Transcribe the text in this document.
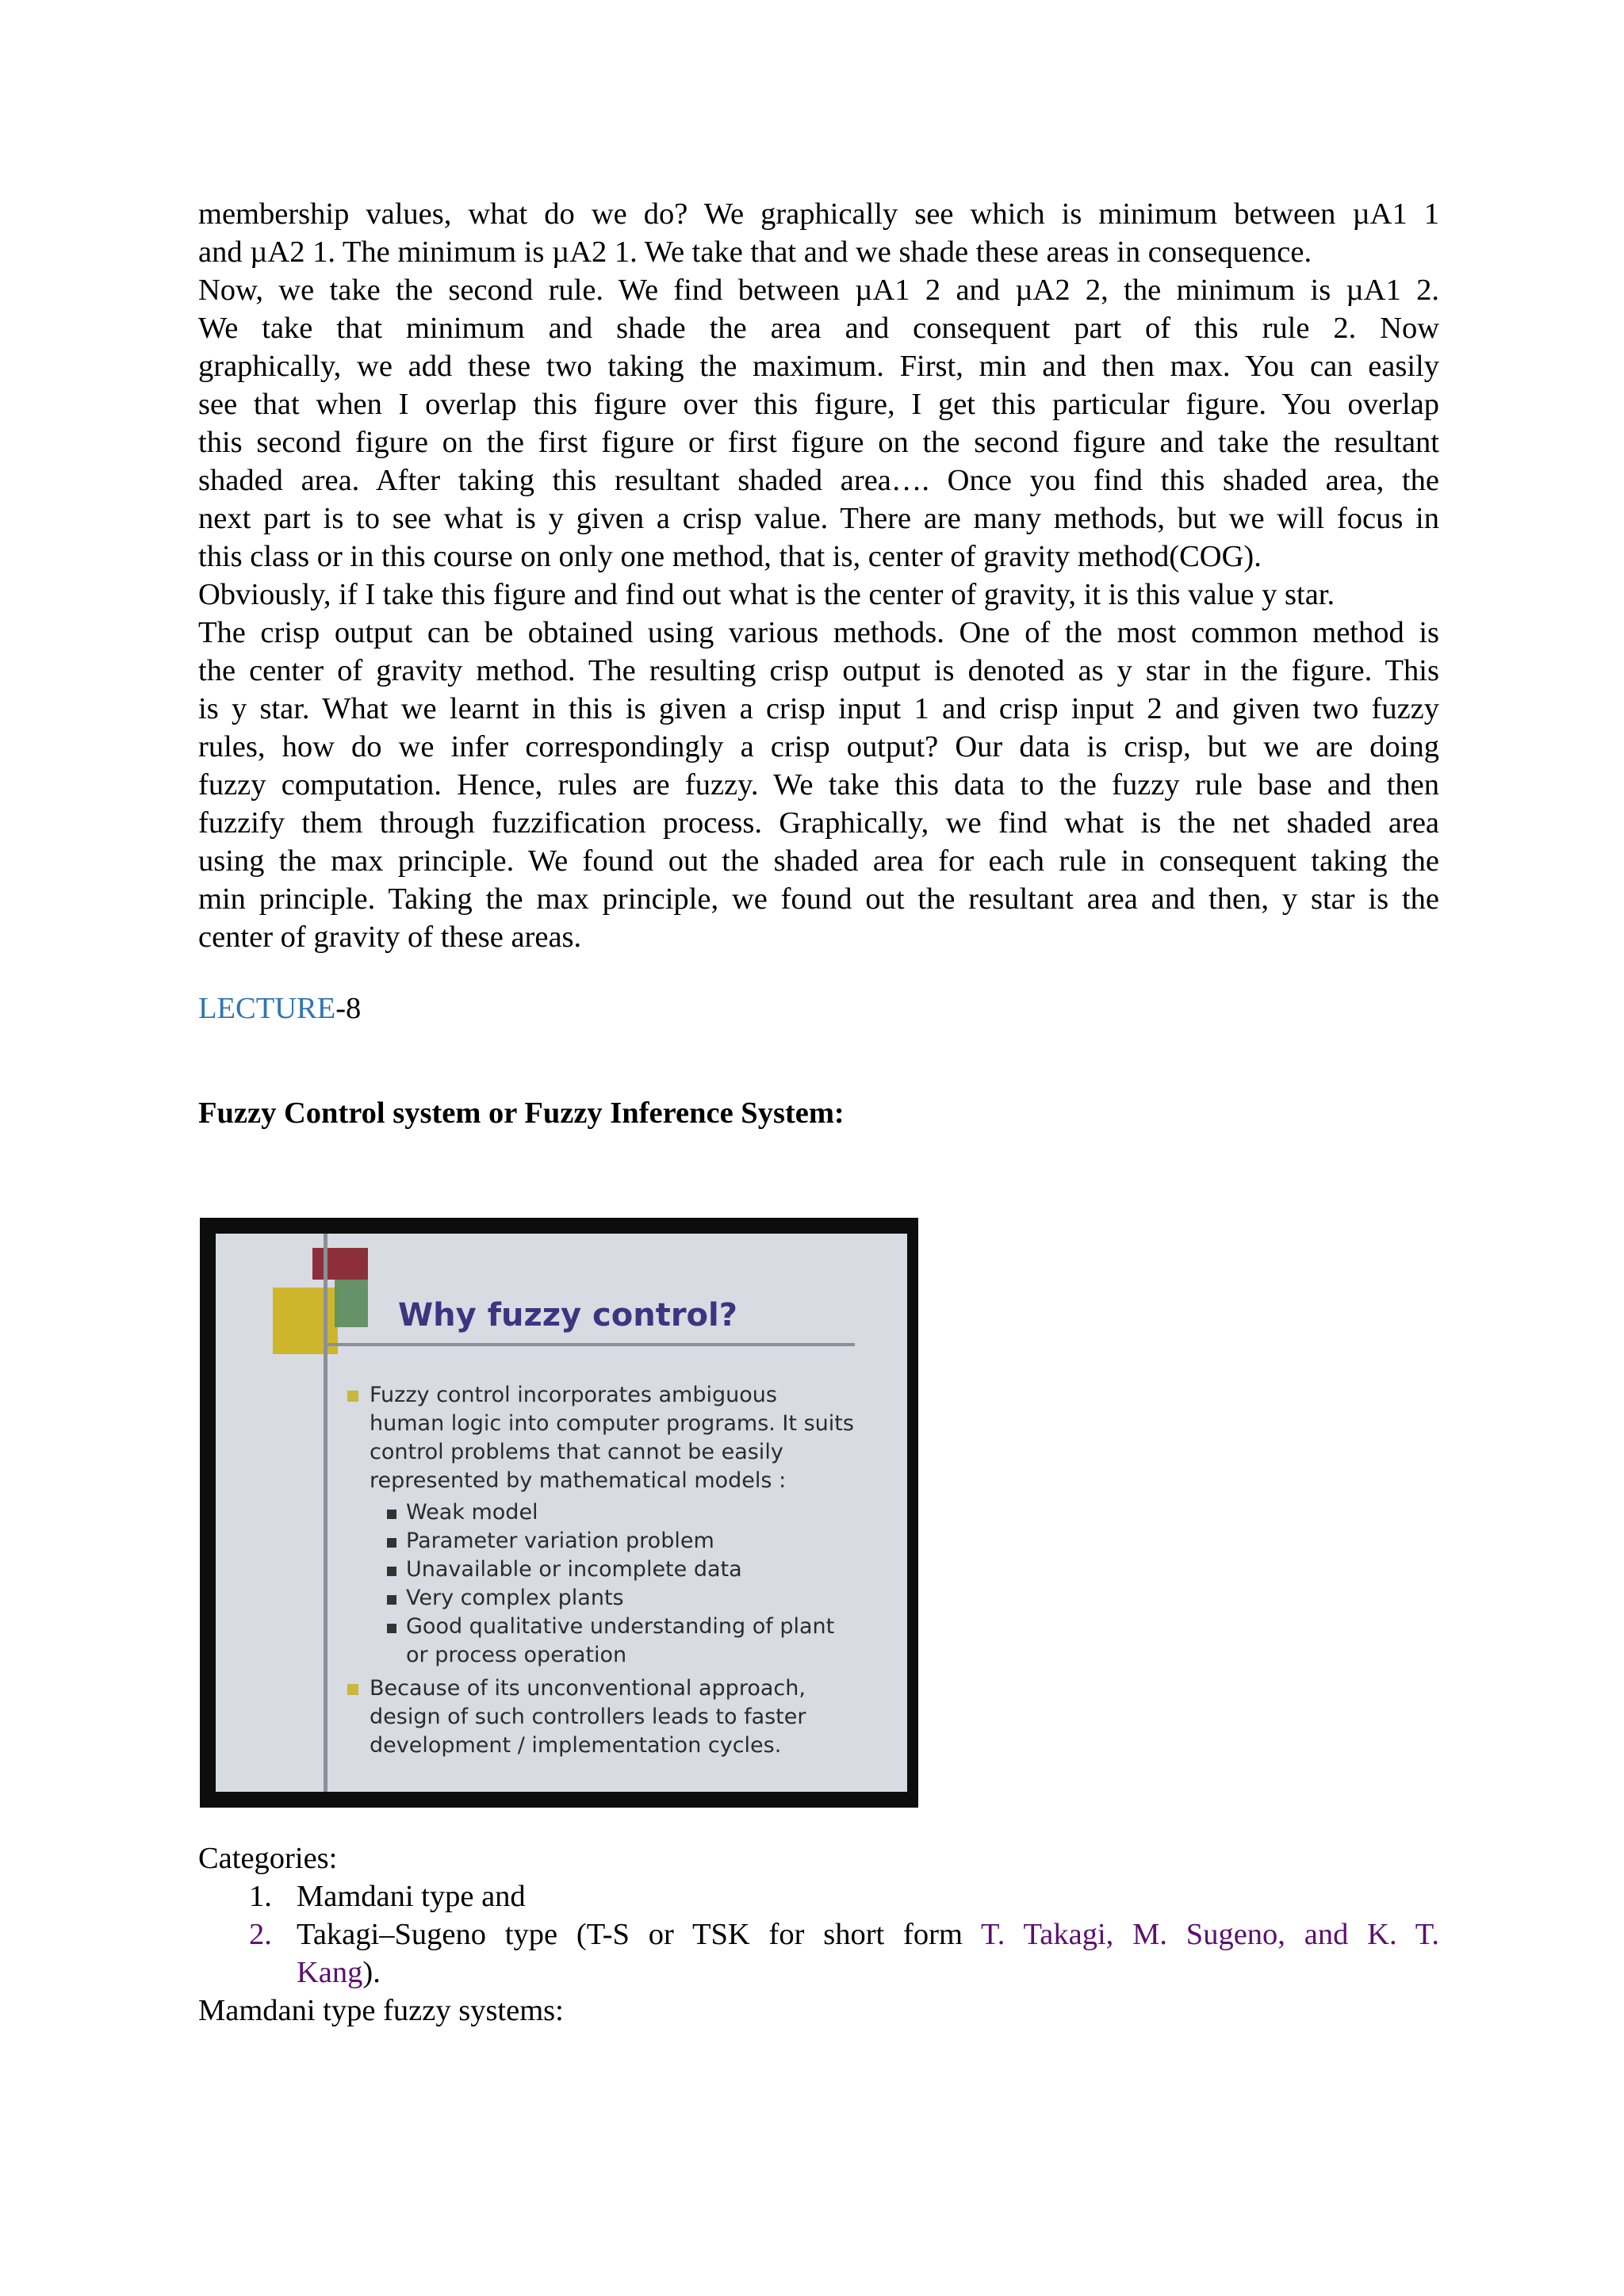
membership values, what do we do? We graphically see which is minimum between µA1 1
and µA2 1. The minimum is µA2 1. We take that and we shade these areas in consequence.
Now, we take the second rule. We find between µA1 2 and µA2 2, the minimum is µA1 2.
We take that minimum and shade the area and consequent part of this rule 2. Now
graphically, we add these two taking the maximum. First, min and then max. You can easily
see that when I overlap this figure over this figure, I get this particular figure. You overlap
this second figure on the first figure or first figure on the second figure and take the resultant
shaded area. After taking this resultant shaded area…. Once you find this shaded area, the
next part is to see what is y given a crisp value. There are many methods, but we will focus in
this class or in this course on only one method, that is, center of gravity method(COG).
Obviously, if I take this figure and find out what is the center of gravity, it is this value y star.
The crisp output can be obtained using various methods. One of the most common method is
the center of gravity method. The resulting crisp output is denoted as y star in the figure. This
is y star. What we learnt in this is given a crisp input 1 and crisp input 2 and given two fuzzy
rules, how do we infer correspondingly a crisp output? Our data is crisp, but we are doing
fuzzy computation. Hence, rules are fuzzy. We take this data to the fuzzy rule base and then
fuzzify them through fuzzification process. Graphically, we find what is the net shaded area
using the max principle. We found out the shaded area for each rule in consequent taking the
min principle. Taking the max principle, we found out the resultant area and then, y star is the
center of gravity of these areas.

LECTURE-8

Fuzzy Control system or Fuzzy Inference System:

Why fuzzy control?

Fuzzy control incorporates ambiguous human logic into computer programs. It suits control problems that cannot be easily represented by mathematical models :

Weak model
Parameter variation problem
Unavailable or incomplete data
Very complex plants
Good qualitative understanding of plant or process operation

Because of its unconventional approach, design of such controllers leads to faster development / implementation cycles.

Categories:

1. Mamdani type and
2. Takagi–Sugeno type (T-S or TSK for short form T. Takagi, M. Sugeno, and K. T.
Kang).

Mamdani type fuzzy systems:
